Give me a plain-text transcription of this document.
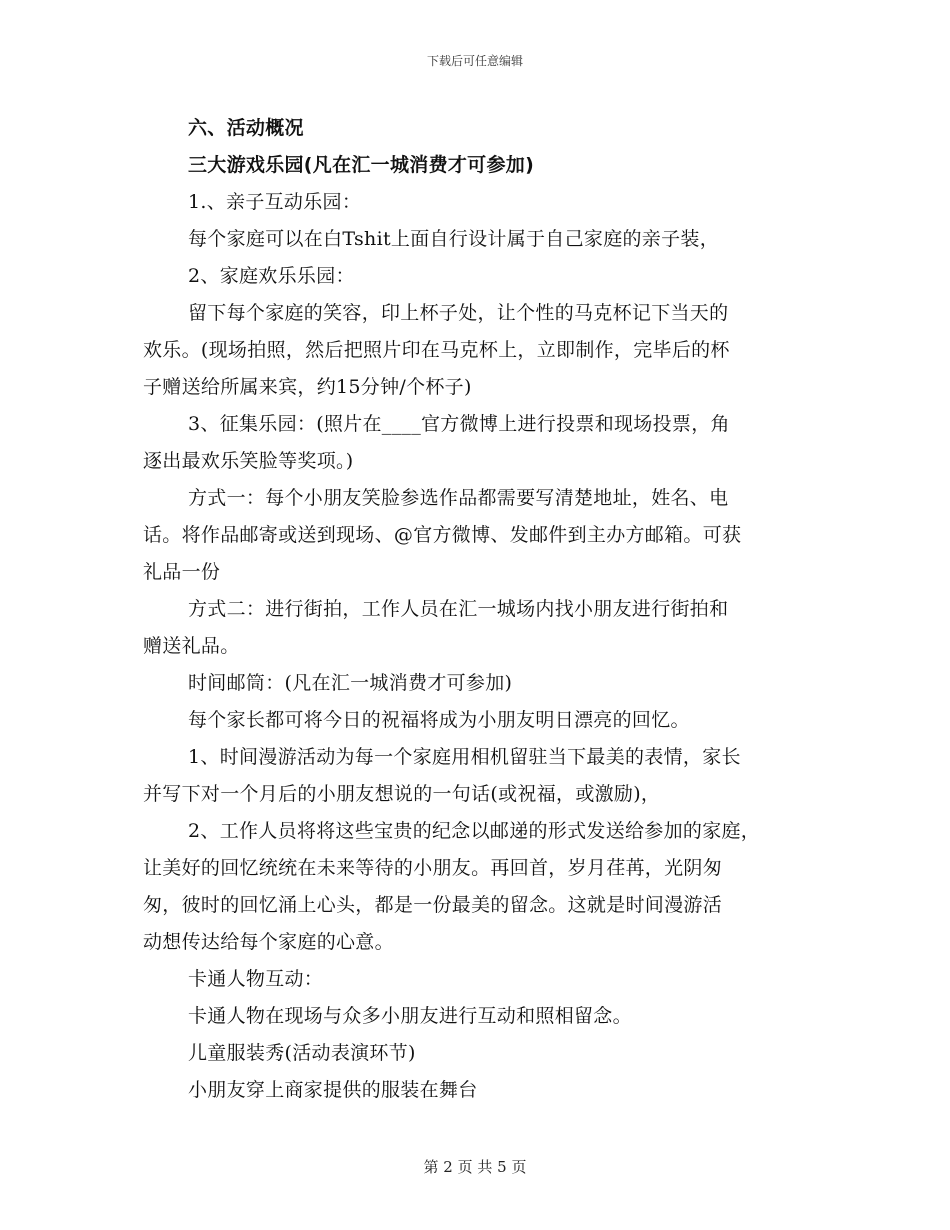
下载后可任意编辑
六、活动概况
三大游戏乐园(凡在汇一城消费才可参加)
1.、亲子互动乐园：
每个家庭可以在白Tshit上面自行设计属于自己家庭的亲子装，
2、家庭欢乐乐园：
留下每个家庭的笑容，印上杯子处，让个性的马克杯记下当天的
欢乐。(现场拍照，然后把照片印在马克杯上，立即制作，完毕后的杯
子赠送给所属来宾，约15分钟/个杯子)
3、征集乐园：(照片在____官方微博上进行投票和现场投票，角
逐出最欢乐笑脸等奖项。)
方式一：每个小朋友笑脸参选作品都需要写清楚地址，姓名、电
话。将作品邮寄或送到现场、@官方微博、发邮件到主办方邮箱。可获
礼品一份
方式二：进行街拍，工作人员在汇一城场内找小朋友进行街拍和
赠送礼品。
时间邮筒：(凡在汇一城消费才可参加)
每个家长都可将今日的祝福将成为小朋友明日漂亮的回忆。
1、时间漫游活动为每一个家庭用相机留驻当下最美的表情，家长
并写下对一个月后的小朋友想说的一句话(或祝福，或激励)，
2、工作人员将将这些宝贵的纪念以邮递的形式发送给参加的家庭，
让美好的回忆统统在未来等待的小朋友。再回首，岁月荏苒，光阴匆
匆，彼时的回忆涌上心头，都是一份最美的留念。这就是时间漫游活
动想传达给每个家庭的心意。
卡通人物互动：
卡通人物在现场与众多小朋友进行互动和照相留念。
儿童服装秀(活动表演环节)
小朋友穿上商家提供的服装在舞台
第 2 页 共 5 页
